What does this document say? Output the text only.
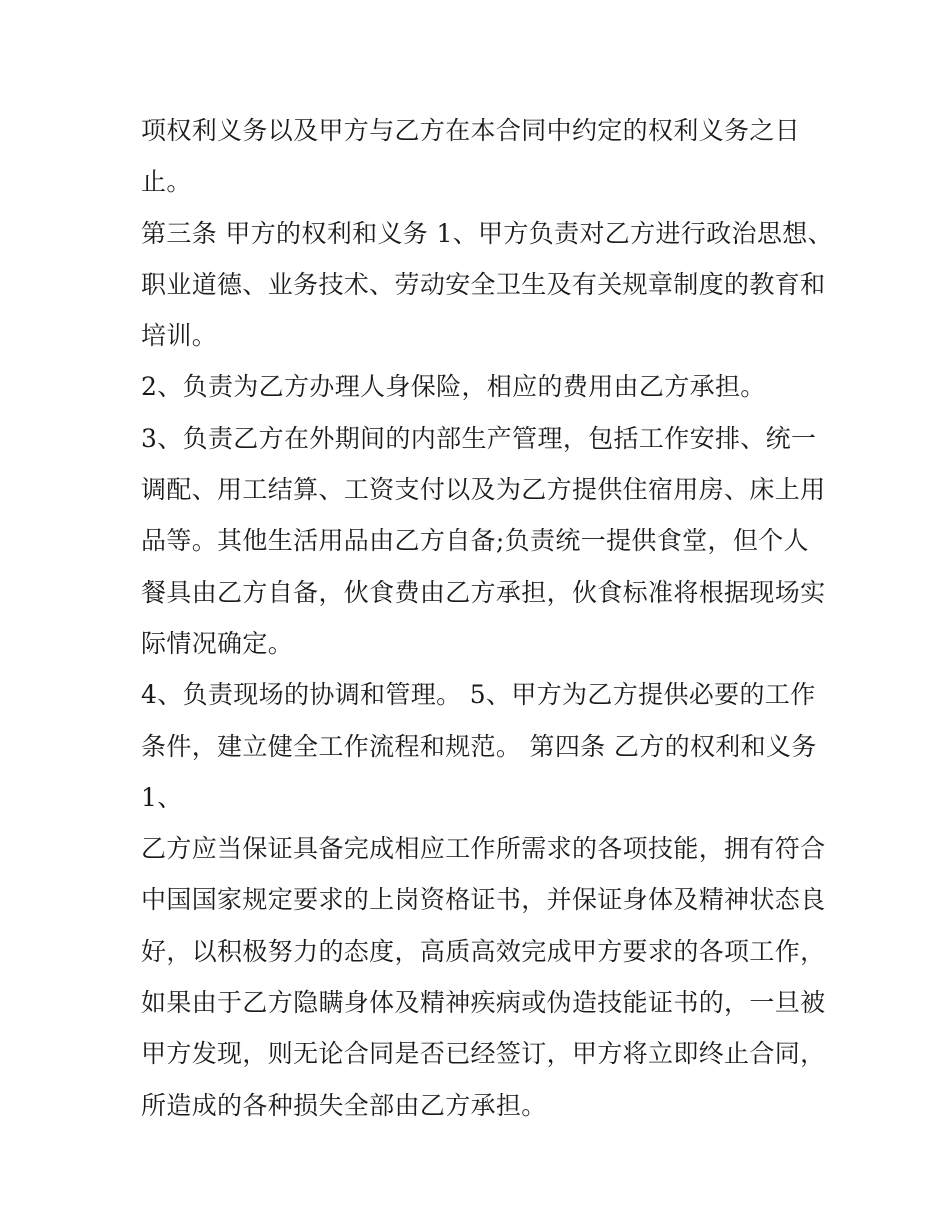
项权利义务以及甲方与乙方在本合同中约定的权利义务之日
止。
第三条 甲方的权利和义务 1、甲方负责对乙方进行政治思想、
职业道德、业务技术、劳动安全卫生及有关规章制度的教育和
培训。
2、负责为乙方办理人身保险，相应的费用由乙方承担。
3、负责乙方在外期间的内部生产管理，包括工作安排、统一
调配、用工结算、工资支付以及为乙方提供住宿用房、床上用
品等。其他生活用品由乙方自备;负责统一提供食堂，但个人
餐具由乙方自备，伙食费由乙方承担，伙食标准将根据现场实
际情况确定。
4、负责现场的协调和管理。 5、甲方为乙方提供必要的工作
条件，建立健全工作流程和规范。 第四条 乙方的权利和义务
1、
乙方应当保证具备完成相应工作所需求的各项技能，拥有符合
中国国家规定要求的上岗资格证书，并保证身体及精神状态良
好，以积极努力的态度，高质高效完成甲方要求的各项工作，
如果由于乙方隐瞒身体及精神疾病或伪造技能证书的，一旦被
甲方发现，则无论合同是否已经签订，甲方将立即终止合同，
所造成的各种损失全部由乙方承担。
